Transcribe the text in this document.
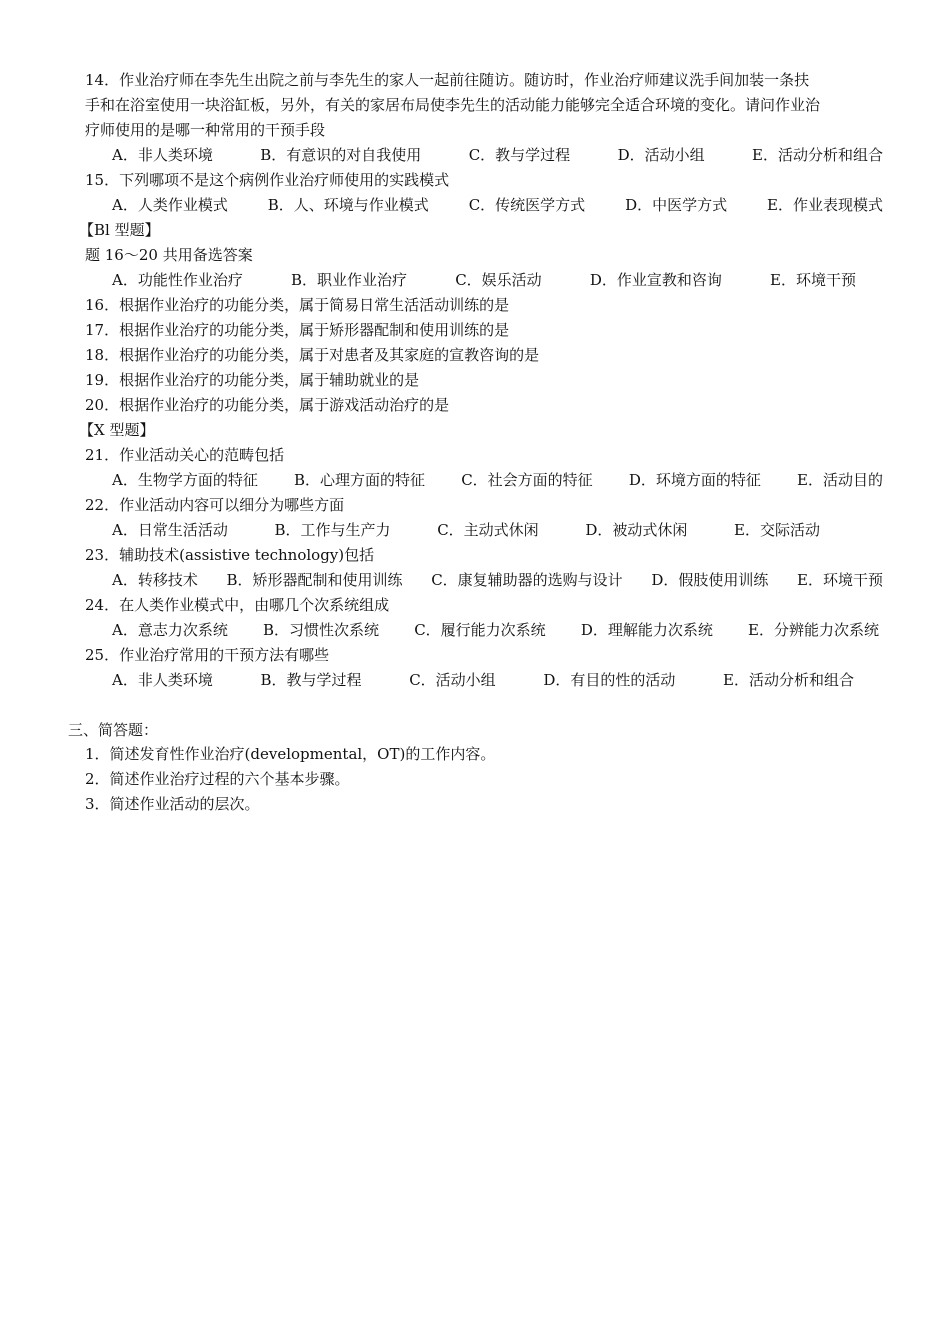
14．作业治疗师在李先生出院之前与李先生的家人一起前往随访。随访时，作业治疗师建议洗手间加装一条扶
手和在浴室使用一块浴缸板，另外，有关的家居布局使李先生的活动能力能够完全适合环境的变化。请问作业治
疗师使用的是哪一种常用的干预手段
A．非人类环境	B．有意识的对自我使用	C．教与学过程	D．活动小组	E．活动分析和组合
15．下列哪项不是这个病例作业治疗师使用的实践模式
A．人类作业模式	B．人、环境与作业模式	C．传统医学方式	D．中医学方式	E．作业表现模式
【Bl 型题】
题 16～20 共用备选答案
A．功能性作业治疗	B．职业作业治疗	C．娱乐活动	D．作业宣教和咨询	E．环境干预
16．根据作业治疗的功能分类，属于简易日常生活活动训练的是
17．根据作业治疗的功能分类，属于矫形器配制和使用训练的是
18．根据作业治疗的功能分类，属于对患者及其家庭的宣教咨询的是
19．根据作业治疗的功能分类，属于辅助就业的是
20．根据作业治疗的功能分类，属于游戏活动治疗的是
【X 型题】
21．作业活动关心的范畴包括
A．生物学方面的特征 B．心理方面的特征 C．社会方面的特征 D．环境方面的特征 E．活动目的
22．作业活动内容可以细分为哪些方面
A．日常生活活动	B．工作与生产力	C．主动式休闲	D．被动式休闲	E．交际活动
23．辅助技术(assistive technology)包括
A．转移技术 B．矫形器配制和使用训练 C．康复辅助器的选购与设计 D．假肢使用训练 E．环境干预
24．在人类作业模式中，由哪几个次系统组成
A．意志力次系统 B．习惯性次系统 C．履行能力次系统 D．理解能力次系统 E．分辨能力次系统
25．作业治疗常用的干预方法有哪些
A．非人类环境	B．教与学过程	C．活动小组	D．有目的性的活动	E．活动分析和组合
三、简答题：
1．简述发育性作业治疗(developmental，OT)的工作内容。
2．简述作业治疗过程的六个基本步骤。
3．简述作业活动的层次。
